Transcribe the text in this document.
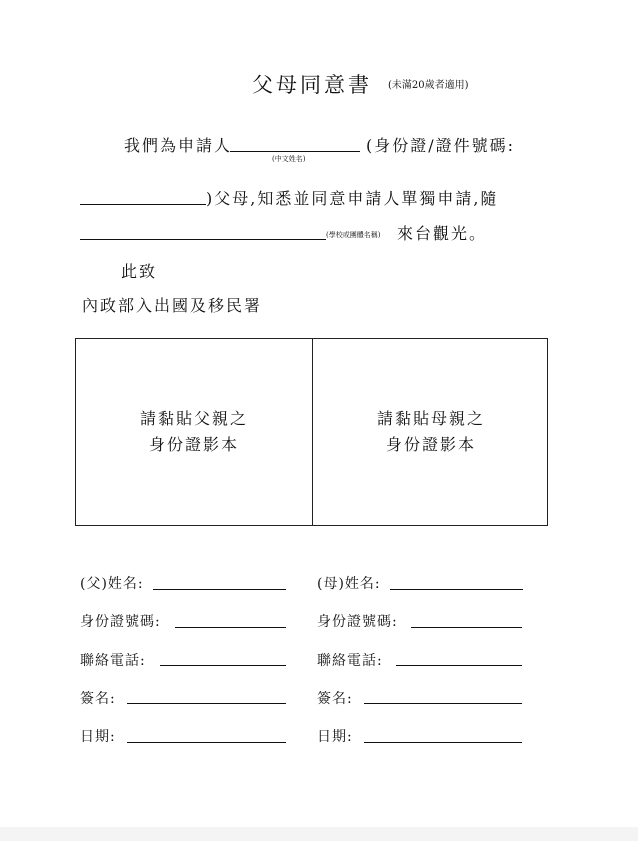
父母同意書 (未滿20歲者適用)
我們為申請人
(中文姓名)
(身份證/證件號碼:
)父母,知悉並同意申請人單獨申請,隨
(學校或團體名稱) 來台觀光。
此致
內政部入出國及移民署
請黏貼父親之
身份證影本
請黏貼母親之
身份證影本
(父)姓名:
身份證號碼:
聯絡電話:
簽名:
日期:
(母)姓名:
身份證號碼:
聯絡電話:
簽名:
日期:
